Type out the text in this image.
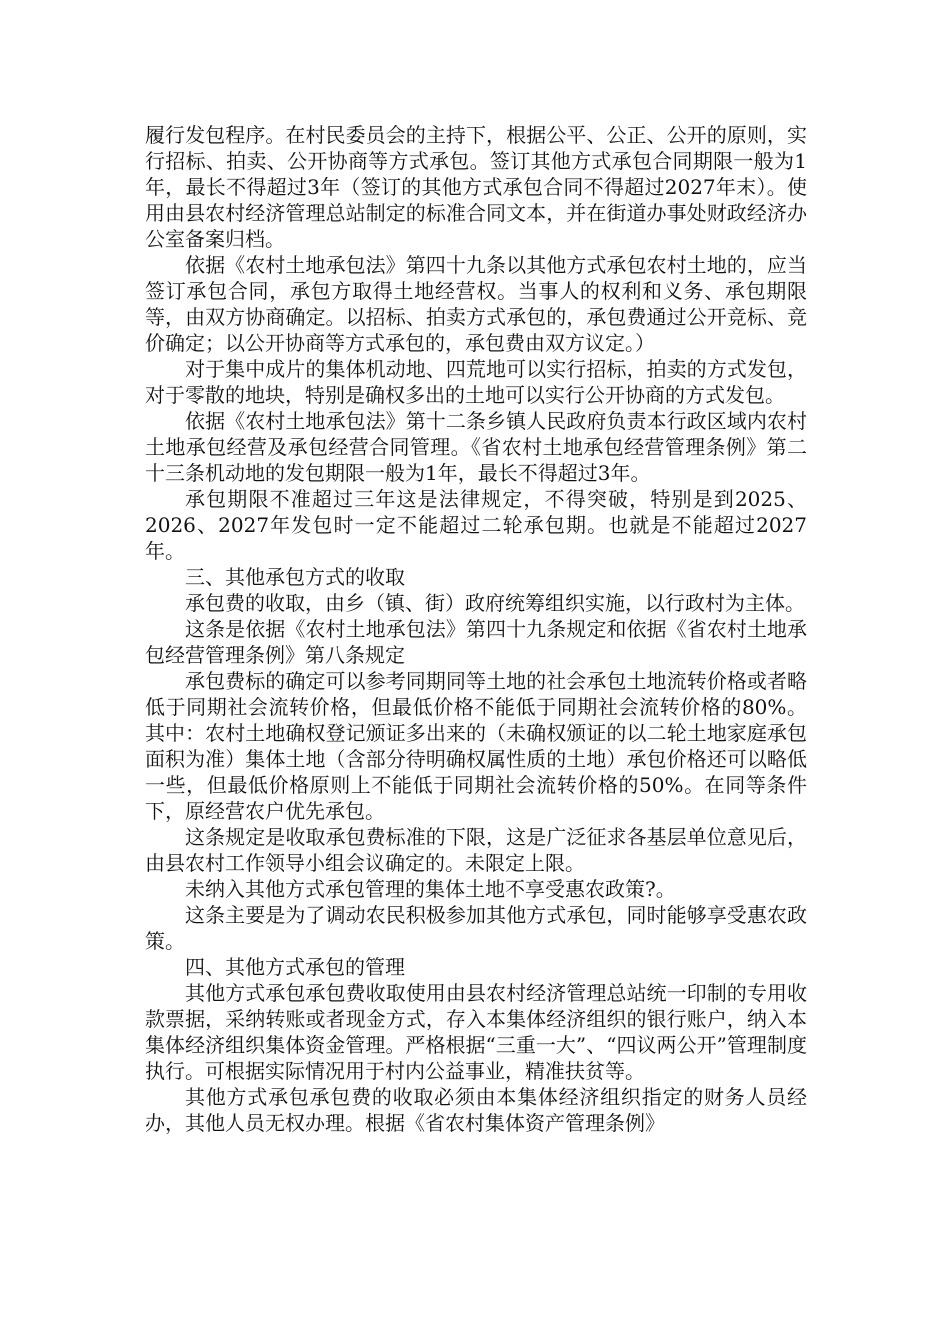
履行发包程序。在村民委员会的主持下，根据公平、公正、公开的原则，实行招标、拍卖、公开协商等方式承包。签订其他方式承包合同期限一般为1年，最长不得超过3年（签订的其他方式承包合同不得超过2027年末）。使用由县农村经济管理总站制定的标准合同文本，并在街道办事处财政经济办公室备案归档。

依据《农村土地承包法》第四十九条以其他方式承包农村土地的，应当签订承包合同，承包方取得土地经营权。当事人的权利和义务、承包期限等，由双方协商确定。以招标、拍卖方式承包的，承包费通过公开竞标、竞价确定；以公开协商等方式承包的，承包费由双方议定。）

对于集中成片的集体机动地、四荒地可以实行招标，拍卖的方式发包，对于零散的地块，特别是确权多出的土地可以实行公开协商的方式发包。

依据《农村土地承包法》第十二条乡镇人民政府负责本行政区域内农村土地承包经营及承包经营合同管理。《省农村土地承包经营管理条例》第二十三条机动地的发包期限一般为1年，最长不得超过3年。

承包期限不准超过三年这是法律规定，不得突破，特别是到2025、2026、2027年发包时一定不能超过二轮承包期。也就是不能超过2027年。

三、其他承包方式的收取

承包费的收取，由乡（镇、街）政府统筹组织实施，以行政村为主体。

这条是依据《农村土地承包法》第四十九条规定和依据《省农村土地承包经营管理条例》第八条规定

承包费标的确定可以参考同期同等土地的社会承包土地流转价格或者略低于同期社会流转价格，但最低价格不能低于同期社会流转价格的80%。其中：农村土地确权登记颁证多出来的（未确权颁证的以二轮土地家庭承包面积为准）集体土地（含部分待明确权属性质的土地）承包价格还可以略低一些，但最低价格原则上不能低于同期社会流转价格的50%。在同等条件下，原经营农户优先承包。

这条规定是收取承包费标准的下限，这是广泛征求各基层单位意见后，由县农村工作领导小组会议确定的。未限定上限。

未纳入其他方式承包管理的集体土地不享受惠农政策?。

这条主要是为了调动农民积极参加其他方式承包，同时能够享受惠农政策。

四、其他方式承包的管理

其他方式承包承包费收取使用由县农村经济管理总站统一印制的专用收款票据，采纳转账或者现金方式，存入本集体经济组织的银行账户，纳入本集体经济组织集体资金管理。严格根据“三重一大”、“四议两公开”管理制度执行。可根据实际情况用于村内公益事业，精准扶贫等。

其他方式承包承包费的收取必须由本集体经济组织指定的财务人员经办，其他人员无权办理。根据《省农村集体资产管理条例》
